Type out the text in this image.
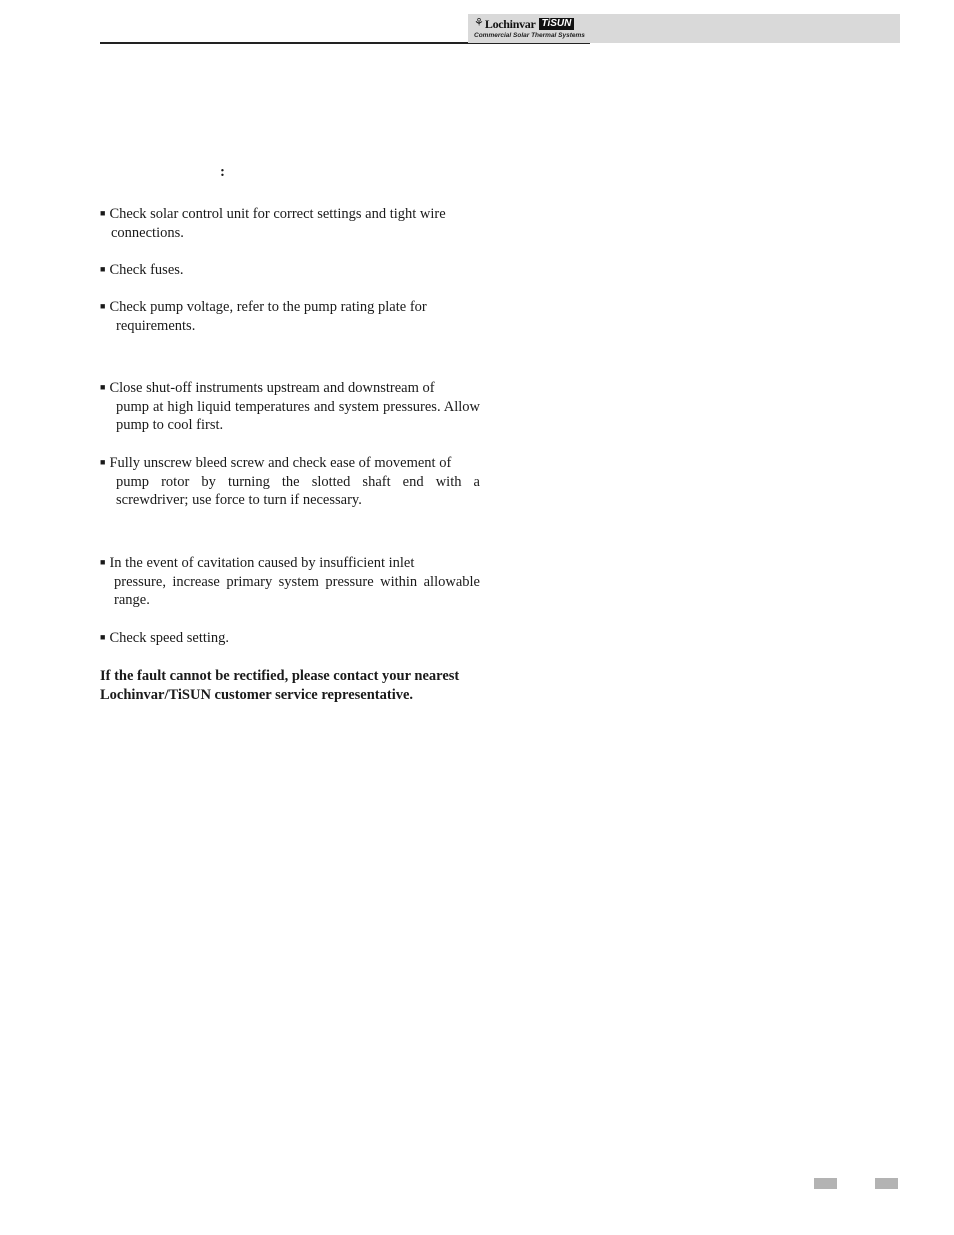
⚘ Lochinvar TiSUN
Commercial Solar Thermal Systems
:
■ Check solar control unit for correct settings and tight wire
connections.
■ Check fuses.
■ Check pump voltage, refer to the pump rating plate for
requirements.
■ Close shut-off instruments upstream and downstream of
pump at high liquid temperatures and system pressures. Allow pump to cool first.
■ Fully unscrew bleed screw and check ease of movement of
pump rotor by turning the slotted shaft end with a screwdriver; use force to turn if necessary.
■ In the event of cavitation caused by insufficient inlet
pressure, increase primary system pressure within allowable range.
■ Check speed setting.
If the fault cannot be rectified, please contact your nearest
Lochinvar/TiSUN customer service representative.
